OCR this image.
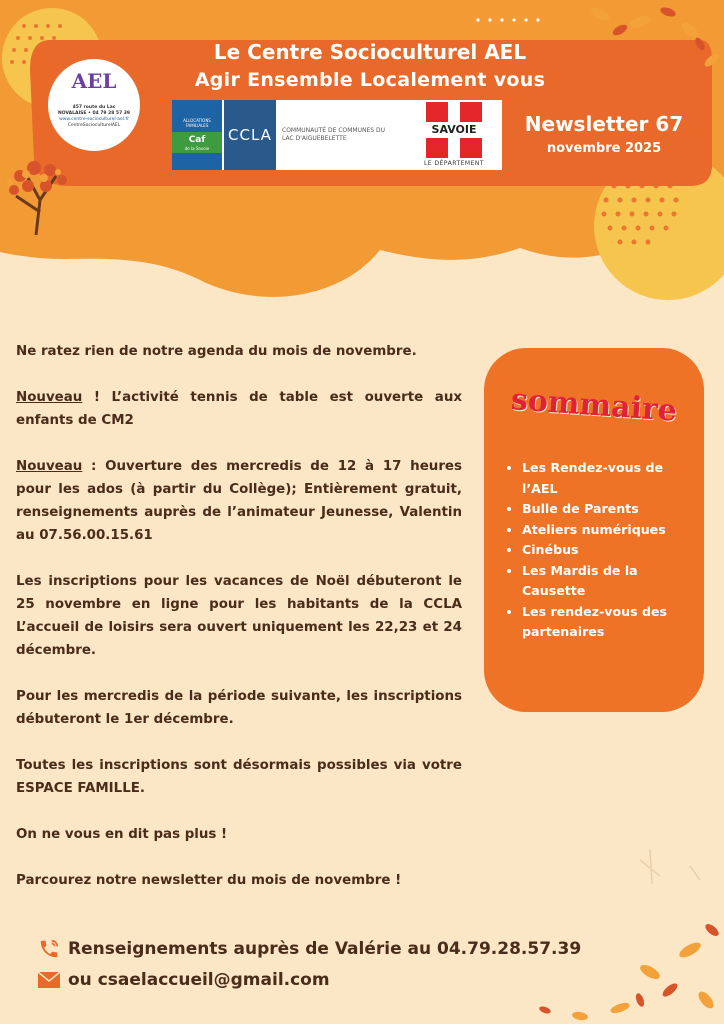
Le Centre Socioculturel AEL
Agir Ensemble Localement vous
AEL
457 route du Lac
NOVALAISE • 04 79 28 57 39
www.centre-socioculturel-ael.fr
CentreSocioculturelAEL
ALLOCATIONS
FAMILIALES
Caf
de la Savoie
CCLA	COMMUNAUTÉ DE COMMUNES DU
LAC D'AIGUEBELETTE
SAVOIE
LE DÉPARTEMENT
Newsletter 67
novembre 2025

Ne ratez rien de notre agenda du mois de novembre.

Nouveau ! L’activité tennis de table est ouverte aux enfants de CM2

Nouveau : Ouverture des mercredis de 12 à 17 heures pour les ados (à partir du Collège); Entièrement gratuit, renseignements auprès de l’animateur Jeunesse, Valentin au 07.56.00.15.61

Les inscriptions pour les vacances de Noël débuteront le 25 novembre en ligne pour les habitants de la CCLA L’accueil de loisirs sera ouvert uniquement les 22,23 et 24 décembre.

Pour les mercredis de la période suivante, les inscriptions débuteront le 1er décembre.

Toutes les inscriptions sont désormais possibles via votre ESPACE FAMILLE.

On ne vous en dit pas plus !

Parcourez notre newsletter du mois de novembre !

sommaire
• Les Rendez-vous de l’AEL
• Bulle de Parents
• Ateliers numériques
• Cinébus
• Les Mardis de la Causette
• Les rendez-vous des partenaires
Renseignements auprès de Valérie au 04.79.28.57.39
ou csaelaccueil@gmail.com
